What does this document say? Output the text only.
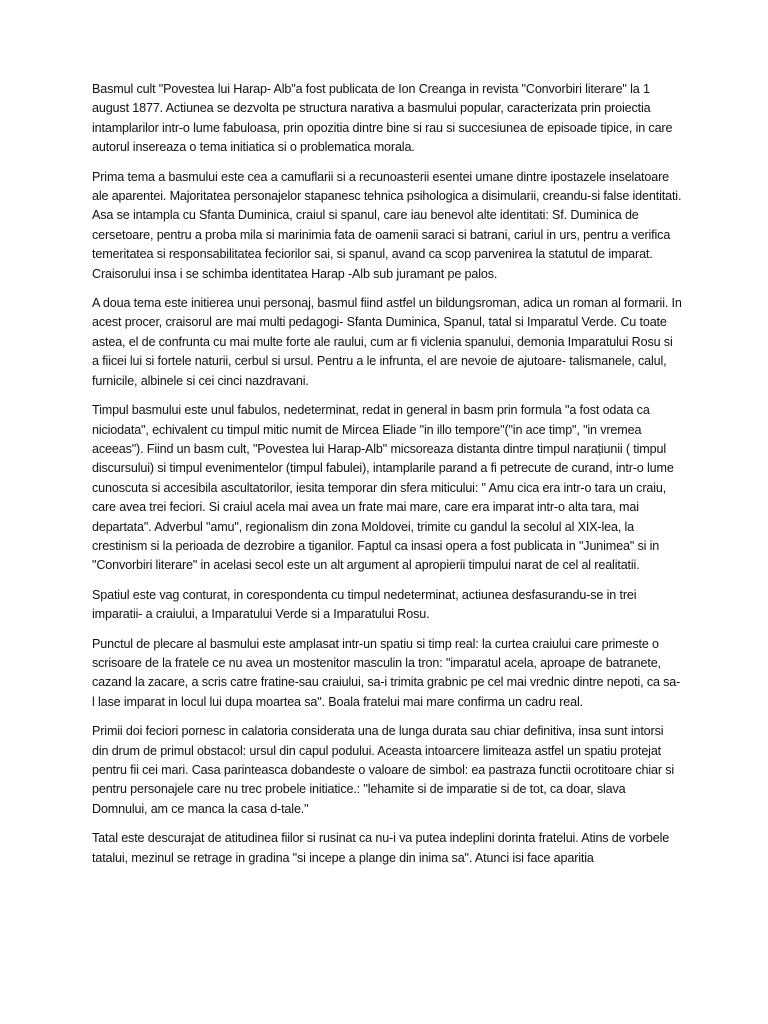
Basmul cult "Povestea lui Harap- Alb"a fost publicata de Ion Creanga in revista "Convorbiri literare" la 1 august 1877. Actiunea se dezvolta pe structura narativa a basmului popular, caracterizata prin proiectia intamplarilor intr-o lume fabuloasa, prin opozitia dintre bine si rau si succesiunea de episoade tipice, in care autorul insereaza o tema initiatica si o problematica morala.

Prima tema a basmului este cea a camuflarii si a recunoasterii esentei umane dintre ipostazele inselatoare ale aparentei. Majoritatea personajelor stapanesc tehnica psihologica a disimularii, creandu-si false identitati. Asa se intampla cu Sfanta Duminica, craiul si spanul, care iau benevol alte identitati: Sf. Duminica de cersetoare, pentru a proba mila si marinimia fata de oamenii saraci si batrani, cariul in urs, pentru a verifica temeritatea si responsabilitatea feciorilor sai, si spanul, avand ca scop parvenirea la statutul de imparat. Craisorului insa i se schimba identitatea Harap -Alb sub juramant pe palos.

A doua tema este initierea unui personaj, basmul fiind astfel un bildungsroman, adica un roman al formarii. In acest procer, craisorul are mai multi pedagogi- Sfanta Duminica, Spanul, tatal si Imparatul Verde. Cu toate astea, el de confrunta cu mai multe forte ale raului, cum ar fi viclenia spanului, demonia Imparatului Rosu si a fiicei lui si fortele naturii, cerbul si ursul. Pentru a le infrunta, el are nevoie de ajutoare- talismanele, calul, furnicile, albinele si cei cinci nazdravani.

Timpul basmului este unul fabulos, nedeterminat, redat in general in basm prin formula "a fost odata ca niciodata", echivalent cu timpul mitic numit de Mircea Eliade "in illo tempore"("in ace timp", "in vremea aceeas"). Fiind un basm cult, "Povestea lui Harap-Alb" micsoreaza distanta dintre timpul narațiunii ( timpul discursului) si timpul evenimentelor (timpul fabulei), intamplarile parand a fi petrecute de curand, intr-o lume cunoscuta si accesibila ascultatorilor, iesita temporar din sfera miticului: " Amu cica era intr-o tara un craiu, care avea trei feciori. Si craiul acela mai avea un frate mai mare, care era imparat intr-o alta tara, mai departata". Adverbul "amu", regionalism din zona Moldovei, trimite cu gandul la secolul al XIX-lea, la crestinism si la perioada de dezrobire a tiganilor. Faptul ca insasi opera a fost publicata in "Junimea" si in "Convorbiri literare" in acelasi secol este un alt argument al apropierii timpului narat de cel al realitatii.

Spatiul este vag conturat, in corespondenta cu timpul nedeterminat, actiunea desfasurandu-se in trei imparatii- a craiului, a Imparatului Verde si a Imparatului Rosu.

Punctul de plecare al basmului este amplasat intr-un spatiu si timp real: la curtea craiului care primeste o scrisoare de la fratele ce nu avea un mostenitor masculin la tron: "imparatul acela, aproape de batranete, cazand la zacare, a scris catre fratine-sau craiului, sa-i trimita grabnic pe cel mai vrednic dintre nepoti, ca sa-l lase imparat in locul lui dupa moartea sa". Boala fratelui mai mare confirma un cadru real.

Primii doi feciori pornesc in calatoria considerata una de lunga durata sau chiar definitiva, insa sunt intorsi din drum de primul obstacol: ursul din capul podului. Aceasta intoarcere limiteaza astfel un spatiu protejat pentru fii cei mari. Casa parinteasca dobandeste o valoare de simbol: ea pastraza functii ocrotitoare chiar si pentru personajele care nu trec probele initiatice.: "lehamite si de imparatie si de tot, ca doar, slava Domnului, am ce manca la casa d-tale."

Tatal este descurajat de atitudinea fiilor si rusinat ca nu-i va putea indeplini dorinta fratelui. Atins de vorbele tatalui, mezinul se retrage in gradina "si incepe a plange din inima sa". Atunci isi face aparitia
